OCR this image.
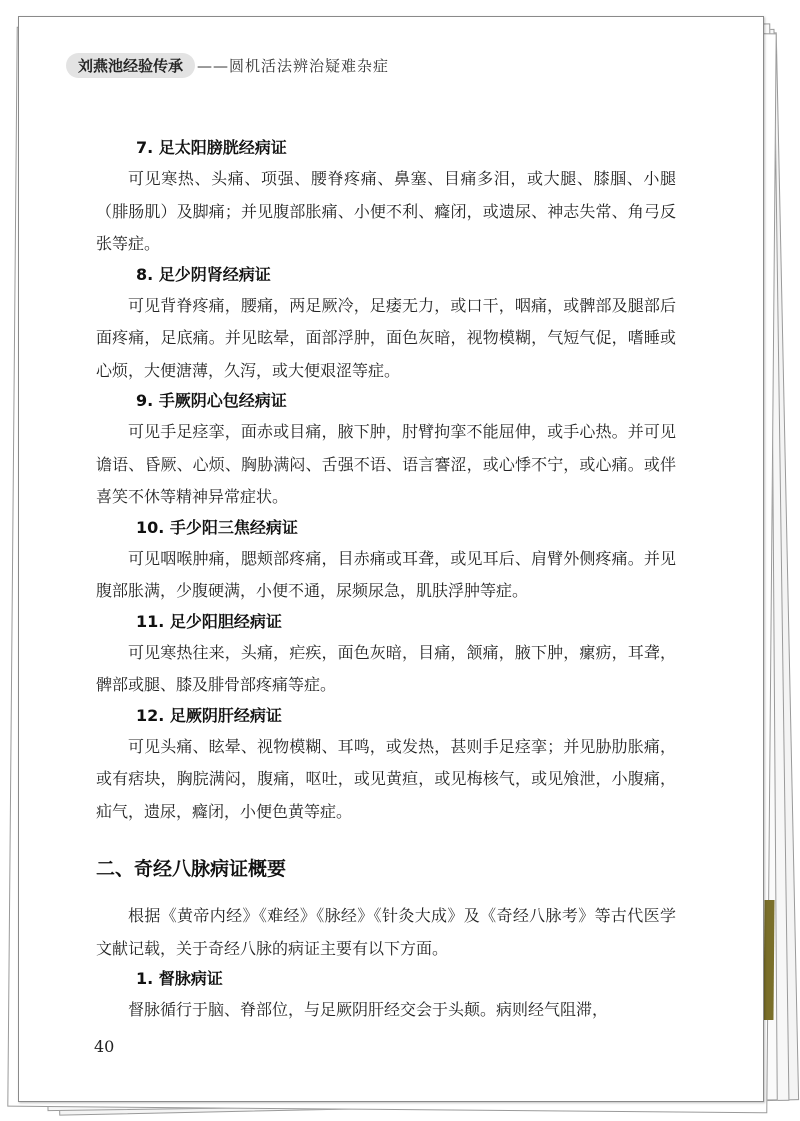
刘燕池经验传承 ——圆机活法辨治疑难杂症
7. 足太阳膀胱经病证

可见寒热、头痛、项强、腰脊疼痛、鼻塞、目痛多泪，或大腿、膝腘、小腿（腓肠肌）及脚痛；并见腹部胀痛、小便不利、癃闭，或遗尿、神志失常、角弓反张等症。

8. 足少阴肾经病证

可见背脊疼痛，腰痛，两足厥冷，足痿无力，或口干，咽痛，或髀部及腿部后面疼痛，足底痛。并见眩晕，面部浮肿，面色灰暗，视物模糊，气短气促，嗜睡或心烦，大便溏薄，久泻，或大便艰涩等症。

9. 手厥阴心包经病证

可见手足痉挛，面赤或目痛，腋下肿，肘臂拘挛不能屈伸，或手心热。并可见谵语、昏厥、心烦、胸胁满闷、舌强不语、语言謇涩，或心悸不宁，或心痛。或伴喜笑不休等精神异常症状。

10. 手少阳三焦经病证

可见咽喉肿痛，腮颊部疼痛，目赤痛或耳聋，或见耳后、肩臂外侧疼痛。并见腹部胀满，少腹硬满，小便不通，尿频尿急，肌肤浮肿等症。

11. 足少阳胆经病证

可见寒热往来，头痛，疟疾，面色灰暗，目痛，颔痛，腋下肿，瘰疬，耳聋，髀部或腿、膝及腓骨部疼痛等症。

12. 足厥阴肝经病证

可见头痛、眩晕、视物模糊、耳鸣，或发热，甚则手足痉挛；并见胁肋胀痛，或有痞块，胸脘满闷，腹痛，呕吐，或见黄疸，或见梅核气，或见飧泄，小腹痛，疝气，遗尿，癃闭，小便色黄等症。

二、奇经八脉病证概要

根据《黄帝内经》《难经》《脉经》《针灸大成》及《奇经八脉考》等古代医学文献记载，关于奇经八脉的病证主要有以下方面。

1. 督脉病证

督脉循行于脑、脊部位，与足厥阴肝经交会于头颠。病则经气阻滞，

40
